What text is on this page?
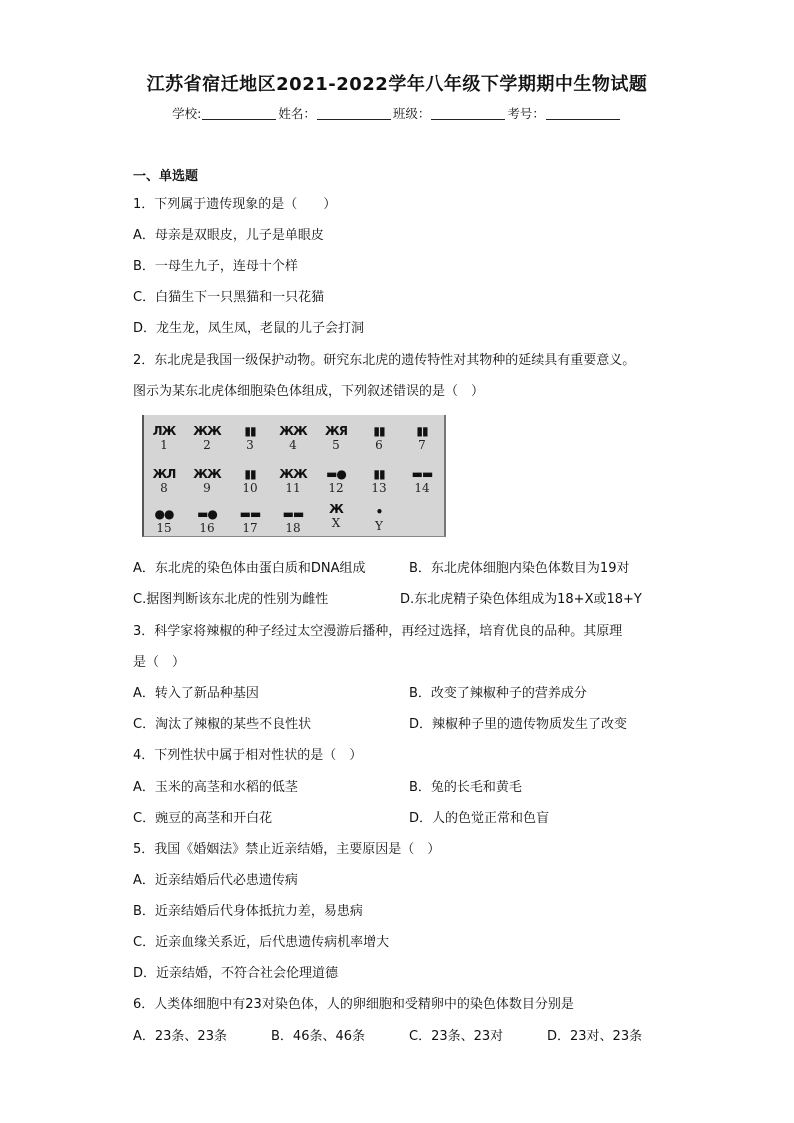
江苏省宿迁地区2021-2022学年八年级下学期期中生物试题
学校:	姓名：	班级：	考号：
一、单选题
1．下列属于遗传现象的是（　　）
A．母亲是双眼皮，儿子是单眼皮
B．一母生九子，连母十个样
C．白猫生下一只黑猫和一只花猫
D．龙生龙，凤生凤，老鼠的儿子会打洞
2．东北虎是我国一级保护动物。研究东北虎的遗传特性对其物种的延续具有重要意义。
图示为某东北虎体细胞染色体组成，下列叙述错误的是（　）
ЛЖ
1
ЖЖ
2
▮▮
3
ЖЖ
4
ЖЯ
5
▮▮
6
▮▮
7
ЖЛ
8
ЖЖ
9
▮▮
10
ЖЖ
11
▬●
12
▮▮
13
▬▬
14
●●
15
▬●
16
▬▬
17
▬▬
18
Ж
X
•
Y
A．东北虎的染色体由蛋白质和DNA组成	B．东北虎体细胞内染色体数目为19对
C.据图判断该东北虎的性别为雌性	D.东北虎精子染色体组成为18+X或18+Y
3．科学家将辣椒的种子经过太空漫游后播种，再经过选择，培育优良的品种。其原理
是（　）
A．转入了新品种基因	B．改变了辣椒种子的营养成分
C．淘汰了辣椒的某些不良性状	D．辣椒种子里的遗传物质发生了改变
4．下列性状中属于相对性状的是（　）
A．玉米的高茎和水稻的低茎	B．兔的长毛和黄毛
C．豌豆的高茎和开白花	D．人的色觉正常和色盲
5．我国《婚姻法》禁止近亲结婚，主要原因是（　）
A．近亲结婚后代必患遗传病
B．近亲结婚后代身体抵抗力差，易患病
C．近亲血缘关系近，后代患遗传病机率增大
D．近亲结婚，不符合社会伦理道德
6．人类体细胞中有23对染色体，人的卵细胞和受精卵中的染色体数目分别是
A．23条、23条	B．46条、46条	C．23条、23对	D．23对、23条
